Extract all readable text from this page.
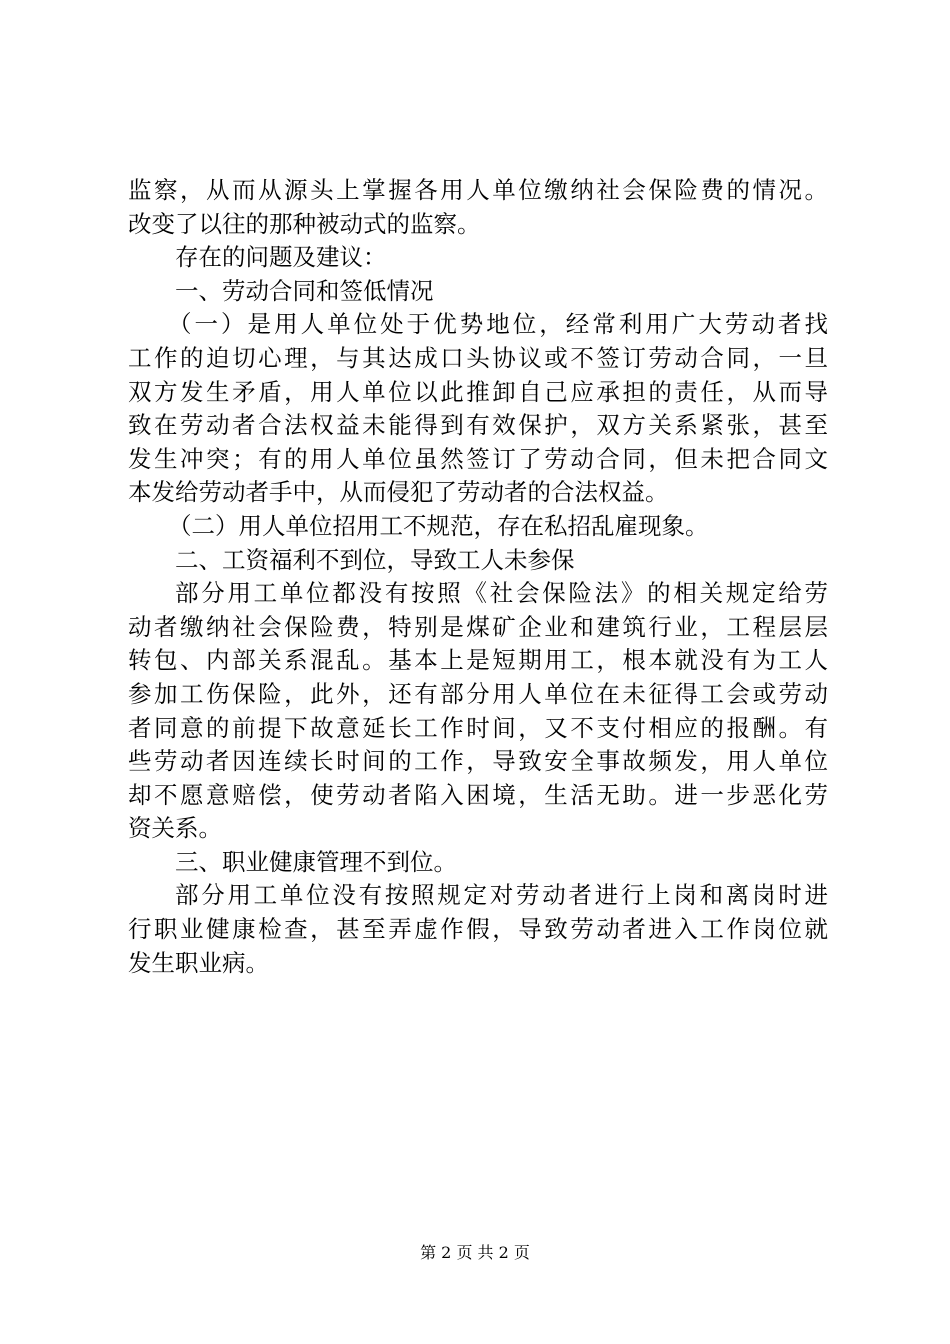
监察，从而从源头上掌握各用人单位缴纳社会保险费的情况。
改变了以往的那种被动式的监察。
存在的问题及建议：
一、劳动合同和签低情况
（一）是用人单位处于优势地位，经常利用广大劳动者找
工作的迫切心理，与其达成口头协议或不签订劳动合同，一旦
双方发生矛盾，用人单位以此推卸自己应承担的责任，从而导
致在劳动者合法权益未能得到有效保护，双方关系紧张，甚至
发生冲突；有的用人单位虽然签订了劳动合同，但未把合同文
本发给劳动者手中，从而侵犯了劳动者的合法权益。
（二）用人单位招用工不规范，存在私招乱雇现象。
二、工资福利不到位，导致工人未参保
部分用工单位都没有按照《社会保险法》的相关规定给劳
动者缴纳社会保险费，特别是煤矿企业和建筑行业，工程层层
转包、内部关系混乱。基本上是短期用工，根本就没有为工人
参加工伤保险，此外，还有部分用人单位在未征得工会或劳动
者同意的前提下故意延长工作时间，又不支付相应的报酬。有
些劳动者因连续长时间的工作，导致安全事故频发，用人单位
却不愿意赔偿，使劳动者陷入困境，生活无助。进一步恶化劳
资关系。
三、职业健康管理不到位。
部分用工单位没有按照规定对劳动者进行上岗和离岗时进
行职业健康检查，甚至弄虚作假，导致劳动者进入工作岗位就
发生职业病。
第 2 页 共 2 页
